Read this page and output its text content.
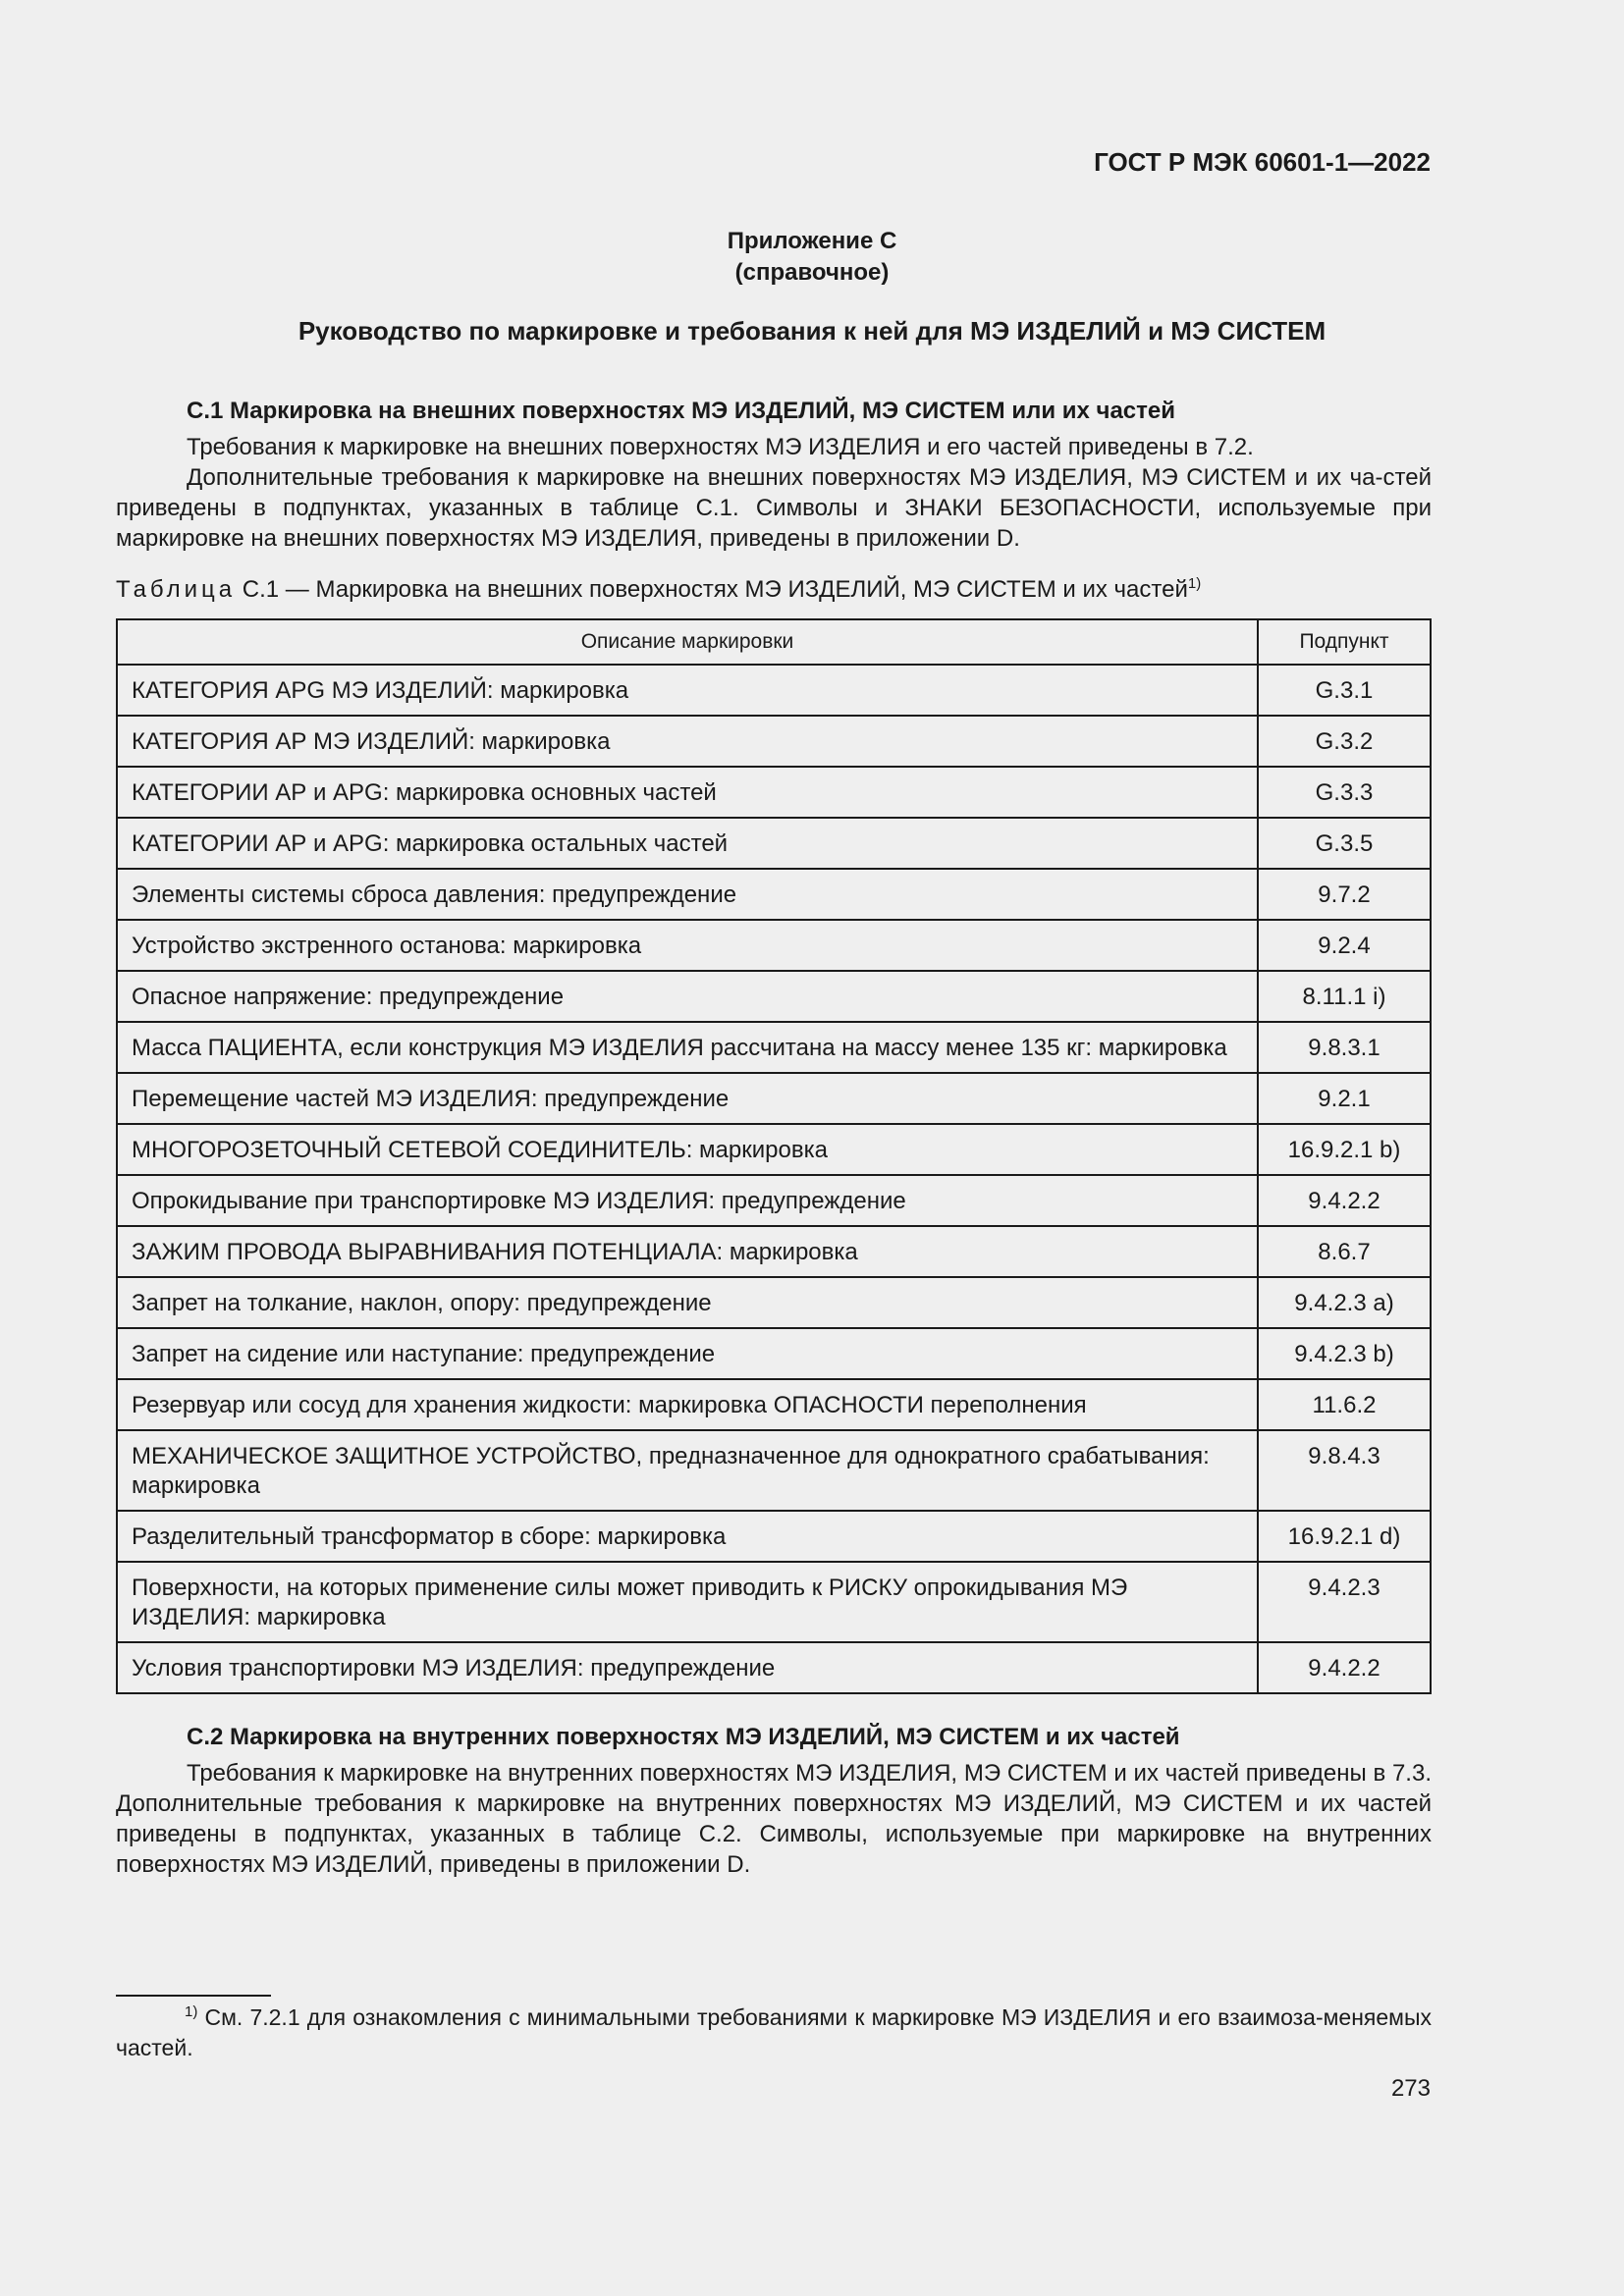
ГОСТ Р МЭК 60601-1—2022
Приложение С
(справочное)
Руководство по маркировке и требования к ней для МЭ ИЗДЕЛИЙ и МЭ СИСТЕМ
С.1 Маркировка на внешних поверхностях МЭ ИЗДЕЛИЙ, МЭ СИСТЕМ или их частей
Требования к маркировке на внешних поверхностях МЭ ИЗДЕЛИЯ и его частей приведены в 7.2.
Дополнительные требования к маркировке на внешних поверхностях МЭ ИЗДЕЛИЯ, МЭ СИСТЕМ и их ча-стей приведены в подпунктах, указанных в таблице С.1. Символы и ЗНАКИ БЕЗОПАСНОСТИ, используемые при маркировке на внешних поверхностях МЭ ИЗДЕЛИЯ, приведены в приложении D.
Таблица С.1 — Маркировка на внешних поверхностях МЭ ИЗДЕЛИЙ, МЭ СИСТЕМ и их частей$^{1)}$
Описание маркировки	Подпункт
КАТЕГОРИЯ APG МЭ ИЗДЕЛИЙ: маркировка	G.3.1
КАТЕГОРИЯ АР МЭ ИЗДЕЛИЙ: маркировка	G.3.2
КАТЕГОРИИ АР и APG: маркировка основных частей	G.3.3
КАТЕГОРИИ АР и APG: маркировка остальных частей	G.3.5
Элементы системы сброса давления: предупреждение	9.7.2
Устройство экстренного останова: маркировка	9.2.4
Опасное напряжение: предупреждение	8.11.1 i)
Масса ПАЦИЕНТА, если конструкция МЭ ИЗДЕЛИЯ рассчитана на массу менее 135 кг: маркировка	9.8.3.1
Перемещение частей МЭ ИЗДЕЛИЯ: предупреждение	9.2.1
МНОГОРОЗЕТОЧНЫЙ СЕТЕВОЙ СОЕДИНИТЕЛЬ: маркировка	16.9.2.1 b)
Опрокидывание при транспортировке МЭ ИЗДЕЛИЯ: предупреждение	9.4.2.2
ЗАЖИМ ПРОВОДА ВЫРАВНИВАНИЯ ПОТЕНЦИАЛА: маркировка	8.6.7
Запрет на толкание, наклон, опору: предупреждение	9.4.2.3 а)
Запрет на сидение или наступание: предупреждение	9.4.2.3 b)
Резервуар или сосуд для хранения жидкости: маркировка ОПАСНОСТИ переполнения	11.6.2
МЕХАНИЧЕСКОЕ ЗАЩИТНОЕ УСТРОЙСТВО, предназначенное для однократного срабатывания: маркировка	9.8.4.3
Разделительный трансформатор в сборе: маркировка	16.9.2.1 d)
Поверхности, на которых применение силы может приводить к РИСКУ опрокидывания МЭ ИЗДЕЛИЯ: маркировка	9.4.2.3
Условия транспортировки МЭ ИЗДЕЛИЯ: предупреждение	9.4.2.2
С.2 Маркировка на внутренних поверхностях МЭ ИЗДЕЛИЙ, МЭ СИСТЕМ и их частей
Требования к маркировке на внутренних поверхностях МЭ ИЗДЕЛИЯ, МЭ СИСТЕМ и их частей приведены в 7.3. Дополнительные требования к маркировке на внутренних поверхностях МЭ ИЗДЕЛИЙ, МЭ СИСТЕМ и их частей приведены в подпунктах, указанных в таблице С.2. Символы, используемые при маркировке на внутренних поверхностях МЭ ИЗДЕЛИЙ, приведены в приложении D.
$^{1)}$ См. 7.2.1 для ознакомления с минимальными требованиями к маркировке МЭ ИЗДЕЛИЯ и его взаимоза-меняемых частей.
273
